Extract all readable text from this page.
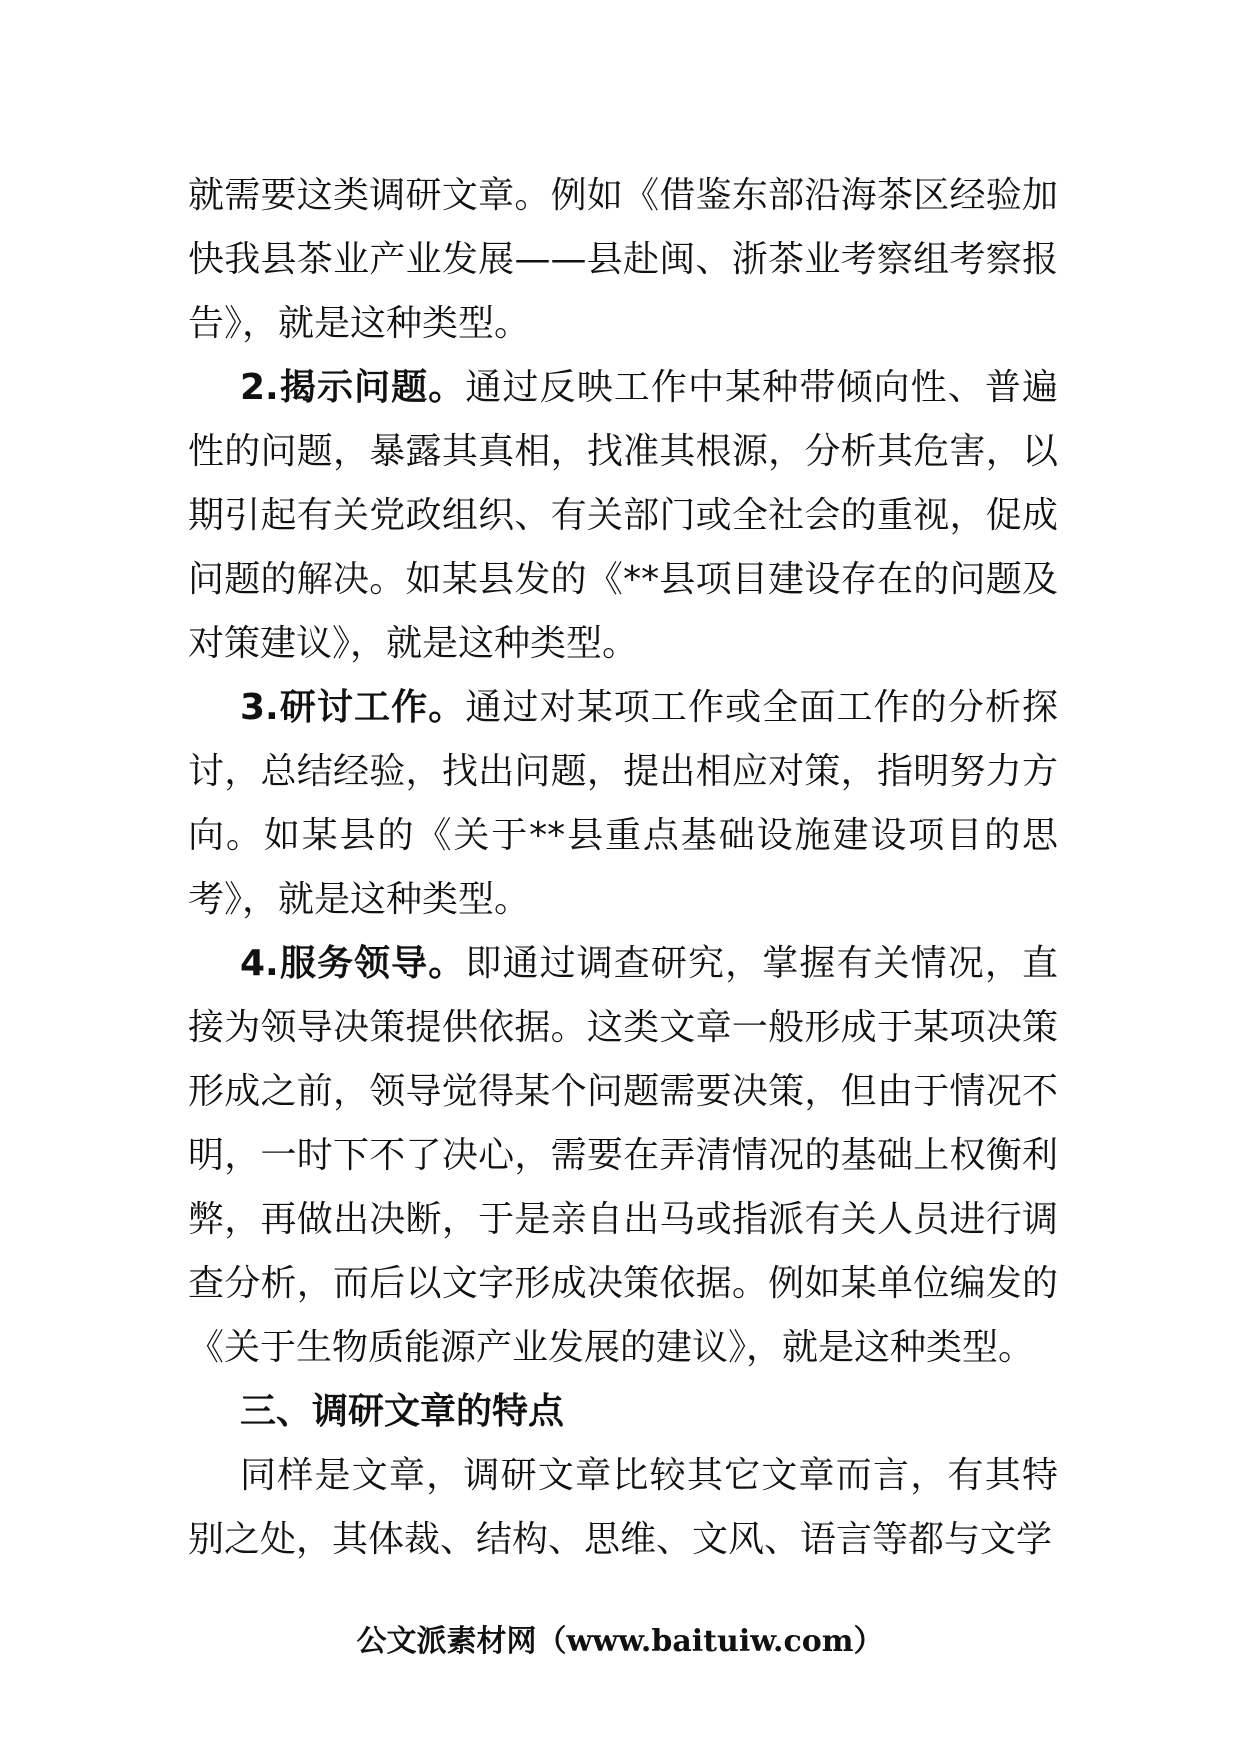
就需要这类调研文章。例如《借鉴东部沿海茶区经验加快我县茶业产业发展——县赴闽、浙茶业考察组考察报告》，就是这种类型。

2.揭示问题。通过反映工作中某种带倾向性、普遍性的问题，暴露其真相，找准其根源，分析其危害，以期引起有关党政组织、有关部门或全社会的重视，促成问题的解决。如某县发的《**县项目建设存在的问题及对策建议》，就是这种类型。

3.研讨工作。通过对某项工作或全面工作的分析探讨，总结经验，找出问题，提出相应对策，指明努力方向。如某县的《关于**县重点基础设施建设项目的思考》，就是这种类型。

4.服务领导。即通过调查研究，掌握有关情况，直接为领导决策提供依据。这类文章一般形成于某项决策形成之前，领导觉得某个问题需要决策，但由于情况不明，一时下不了决心，需要在弄清情况的基础上权衡利弊，再做出决断，于是亲自出马或指派有关人员进行调查分析，而后以文字形成决策依据。例如某单位编发的《关于生物质能源产业发展的建议》，就是这种类型。

三、调研文章的特点

同样是文章，调研文章比较其它文章而言，有其特别之处，其体裁、结构、思维、文风、语言等都与文学

公文派素材网（www.baituiw.com）
